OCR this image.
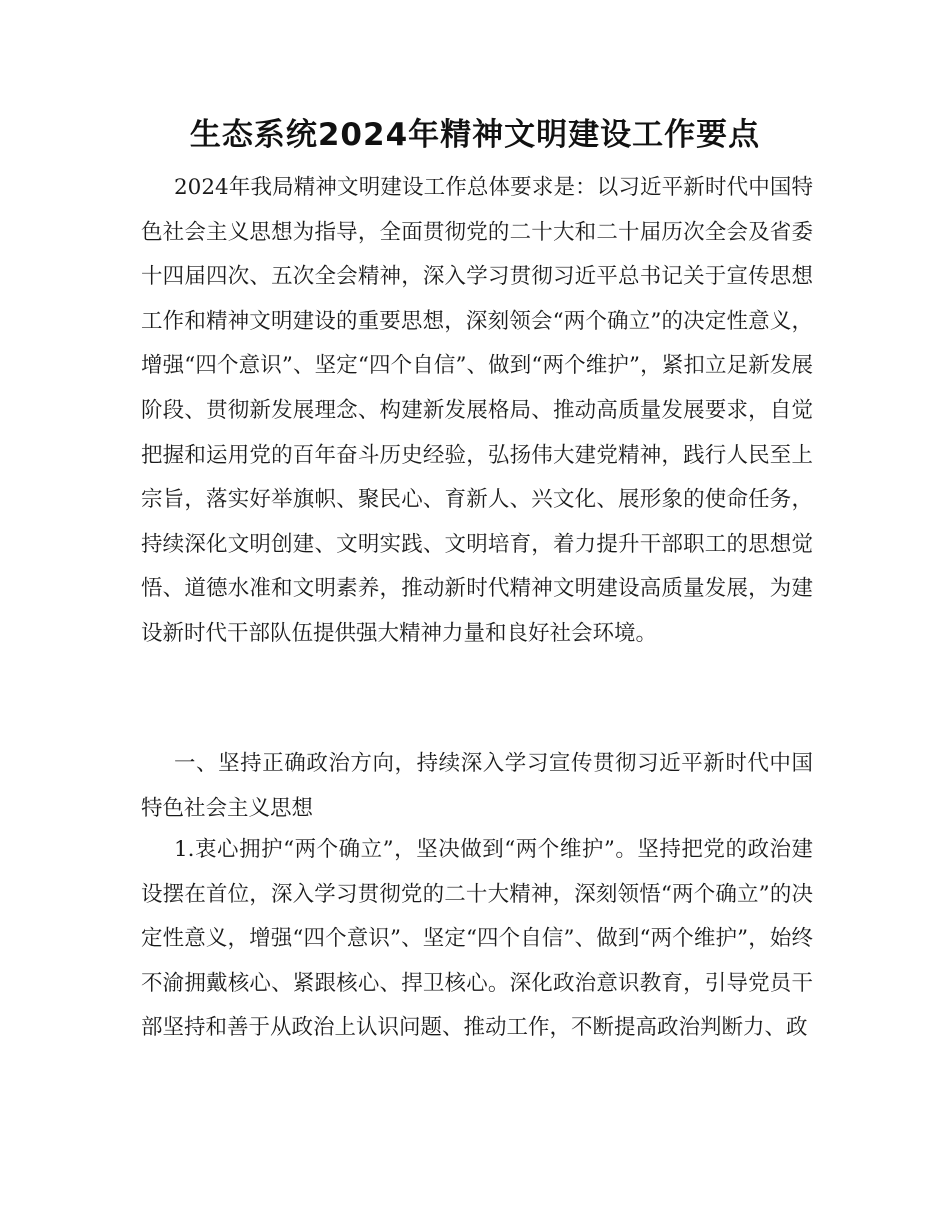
生态系统2024年精神文明建设工作要点

2024年我局精神文明建设工作总体要求是：以习近平新时代中国特色社会主义思想为指导，全面贯彻党的二十大和二十届历次全会及省委十四届四次、五次全会精神，深入学习贯彻习近平总书记关于宣传思想工作和精神文明建设的重要思想，深刻领会“两个确立”的决定性意义，增强“四个意识”、坚定“四个自信”、做到“两个维护”，紧扣立足新发展阶段、贯彻新发展理念、构建新发展格局、推动高质量发展要求，自觉把握和运用党的百年奋斗历史经验，弘扬伟大建党精神，践行人民至上宗旨，落实好举旗帜、聚民心、育新人、兴文化、展形象的使命任务，持续深化文明创建、文明实践、文明培育，着力提升干部职工的思想觉悟、道德水准和文明素养，推动新时代精神文明建设高质量发展，为建设新时代干部队伍提供强大精神力量和良好社会环境。

一、坚持正确政治方向，持续深入学习宣传贯彻习近平新时代中国特色社会主义思想

1.衷心拥护“两个确立”，坚决做到“两个维护”。坚持把党的政治建设摆在首位，深入学习贯彻党的二十大精神，深刻领悟“两个确立”的决定性意义，增强“四个意识”、坚定“四个自信”、做到“两个维护”，始终不渝拥戴核心、紧跟核心、捍卫核心。深化政治意识教育，引导党员干部坚持和善于从政治上认识问题、推动工作，不断提高政治判断力、政
